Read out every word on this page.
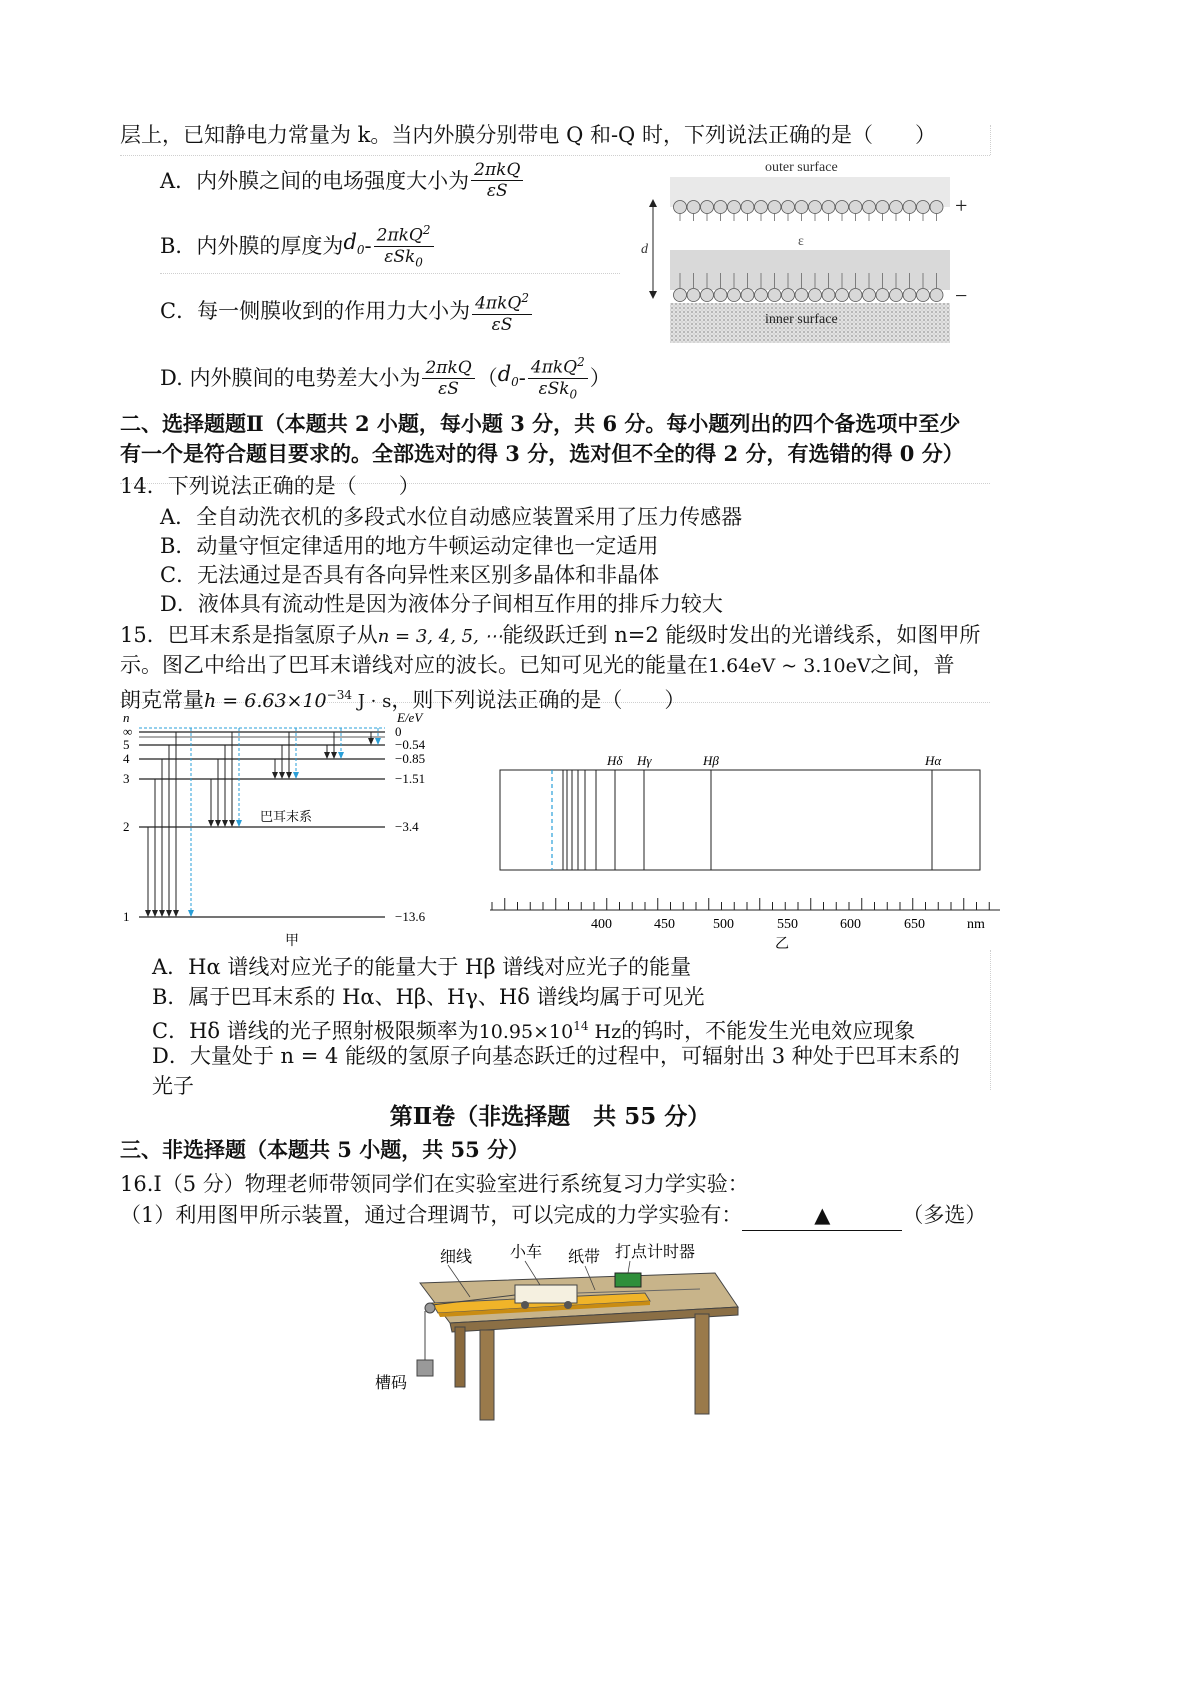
层上，已知静电力常量为 k。当内外膜分别带电 Q 和-Q 时，下列说法正确的是（　　）
A．内外膜之间的电场强度大小为 $\frac{\text{2πkQ}}{\varepsilon S}$
B．内外膜的厚度为 $d_0 - \frac{2\pi kQ^2}{\varepsilon Sk_0}$
C．每一侧膜收到的作用力大小为 $\frac{4\pi kQ^2}{\varepsilon S}$
D. 内外膜间的电势差大小为 $\frac{\text{2πkQ}}{\varepsilon S}$ （ $d_0 - \frac{4\pi kQ^2}{\varepsilon Sk_0}$ ）
outer surface
inner surface
d
ε
+
−
二、选择题题Ⅱ（本题共 2 小题，每小题 3 分，共 6 分。每小题列出的四个备选项中至少
有一个是符合题目要求的。全部选对的得 3 分，选对但不全的得 2 分，有选错的得 0 分）
14．下列说法正确的是（　　）
A．全自动洗衣机的多段式水位自动感应装置采用了压力传感器
B．动量守恒定律适用的地方牛顿运动定律也一定适用
C．无法通过是否具有各向异性来区别多晶体和非晶体
D．液体具有流动性是因为液体分子间相互作用的排斥力较大
15．巴耳末系是指氢原子从n = 3, 4, 5, ⋯能级跃迁到 n=2 能级时发出的光谱线系，如图甲所
示。图乙中给出了巴耳末谱线对应的波长。已知可见光的能量在1.64eV ~ 3.10eV之间，普
朗克常量$h = 6.63\times 10^{-34}$ J · s，则下列说法正确的是（　　）
n	E/eV
∞	0
5	−0.54
4	−0.85
3	−1.51
2	−3.4
1	−13.6
巴耳末系
甲
Hδ Hγ	Hβ	Hα
400	450	500	550	600	650	nm
乙
A．Hα 谱线对应光子的能量大于 Hβ 谱线对应光子的能量
B．属于巴耳末系的 Hα、Hβ、Hγ、Hδ 谱线均属于可见光
C．Hδ 谱线的光子照射极限频率为$10.95\times 10^{14}$ Hz的钨时，不能发生光电效应现象
D．大量处于 n = 4 能级的氢原子向基态跃迁的过程中，可辐射出 3 种处于巴耳末系的
光子
第Ⅱ卷（非选择题　共 55 分）
三、非选择题（本题共 5 小题，共 55 分）
16.I（5 分）物理老师带领同学们在实验室进行系统复习力学实验：
（1）利用图甲所示装置，通过合理调节，可以完成的力学实验有：	▲	（多选）
细线 小车 纸带 打点计时器
槽码
